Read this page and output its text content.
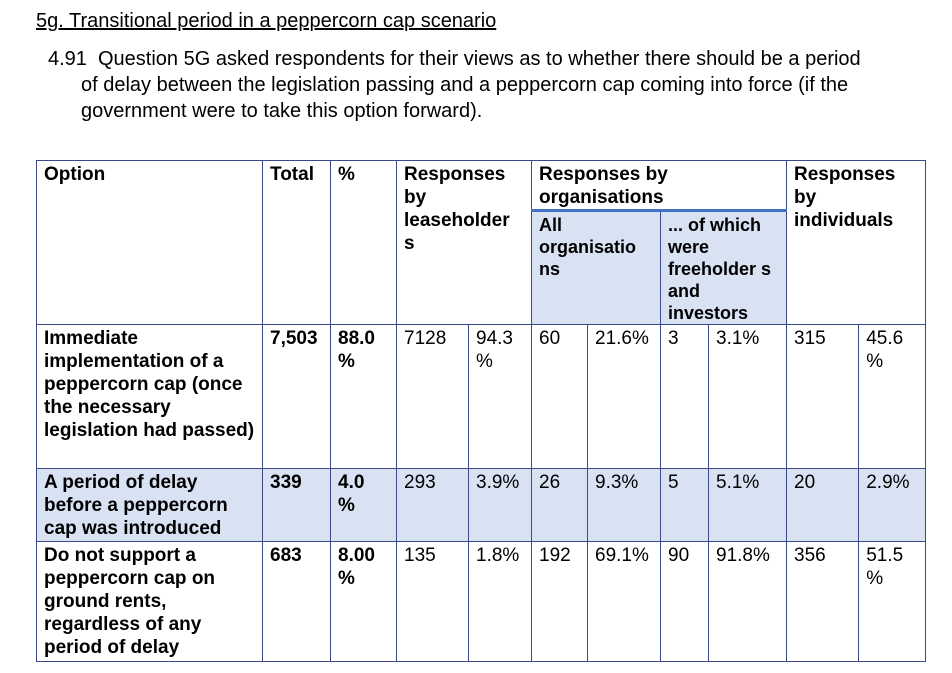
5g. Transitional period in a peppercorn cap scenario
4.91 Question 5G asked respondents for their views as to whether there should be a period
of delay between the legislation passing and a peppercorn cap coming into force (if the
government were to take this option forward).
Option	Total	%	Responses by leaseholder s		Responses by organisations				Responses by individuals	
					All organisatio ns		... of which were freeholder s and investors			
Immediate implementation of a peppercorn cap (once the necessary legislation had passed)	7,503	88.0 %	7128	94.3 %	60	21.6%	3	3.1%	315	45.6 %
A period of delay before a peppercorn cap was introduced	339	4.0 %	293	3.9%	26	9.3%	5	5.1%	20	2.9%
Do not support a peppercorn cap on ground rents, regardless of any period of delay	683	8.00 %	135	1.8%	192	69.1%	90	91.8%	356	51.5 %
